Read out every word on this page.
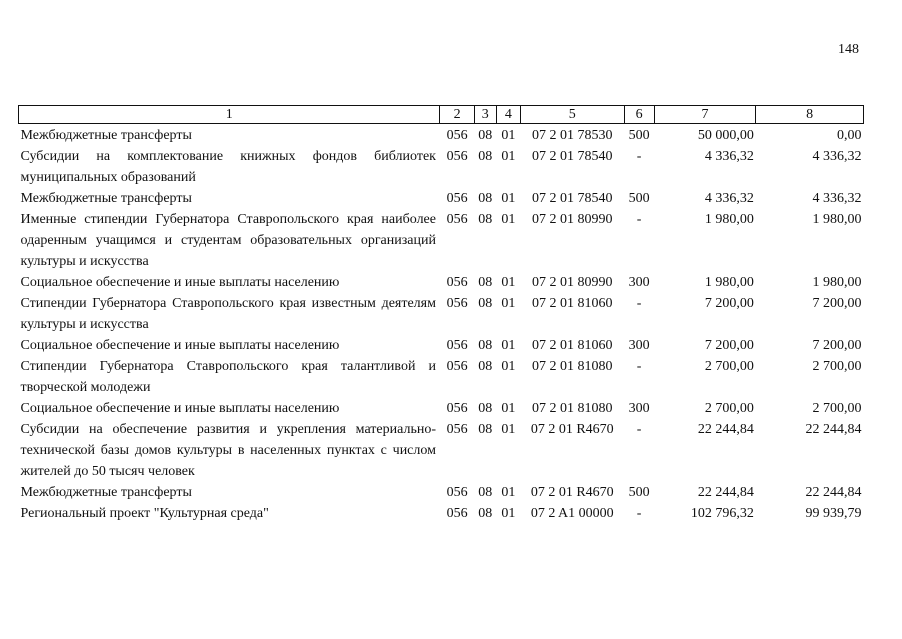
148
1	2	3	4	5	6	7	8
Межбюджетные трансферты	056	08	01	07 2 01 78530	500	50 000,00	0,00
Субсидии на комплектование книжных фондов библиотек муниципальных образований	056	08	01	07 2 01 78540	-	4 336,32	4 336,32
Межбюджетные трансферты	056	08	01	07 2 01 78540	500	4 336,32	4 336,32
Именные стипендии Губернатора Ставропольского края наиболее одаренным учащимся и студентам образовательных организаций культуры и искусства	056	08	01	07 2 01 80990	-	1 980,00	1 980,00
Социальное обеспечение и иные выплаты населению	056	08	01	07 2 01 80990	300	1 980,00	1 980,00
Стипендии Губернатора Ставропольского края известным деятелям культуры и искусства	056	08	01	07 2 01 81060	-	7 200,00	7 200,00
Социальное обеспечение и иные выплаты населению	056	08	01	07 2 01 81060	300	7 200,00	7 200,00
Стипендии Губернатора Ставропольского края талантливой и творческой молодежи	056	08	01	07 2 01 81080	-	2 700,00	2 700,00
Социальное обеспечение и иные выплаты населению	056	08	01	07 2 01 81080	300	2 700,00	2 700,00
Субсидии на обеспечение развития и укрепления материально-технической базы домов культуры в населенных пунктах с числом жителей до 50 тысяч человек	056	08	01	07 2 01 R4670	-	22 244,84	22 244,84
Межбюджетные трансферты	056	08	01	07 2 01 R4670	500	22 244,84	22 244,84
Региональный проект "Культурная среда"	056	08	01	07 2 A1 00000	-	102 796,32	99 939,79
